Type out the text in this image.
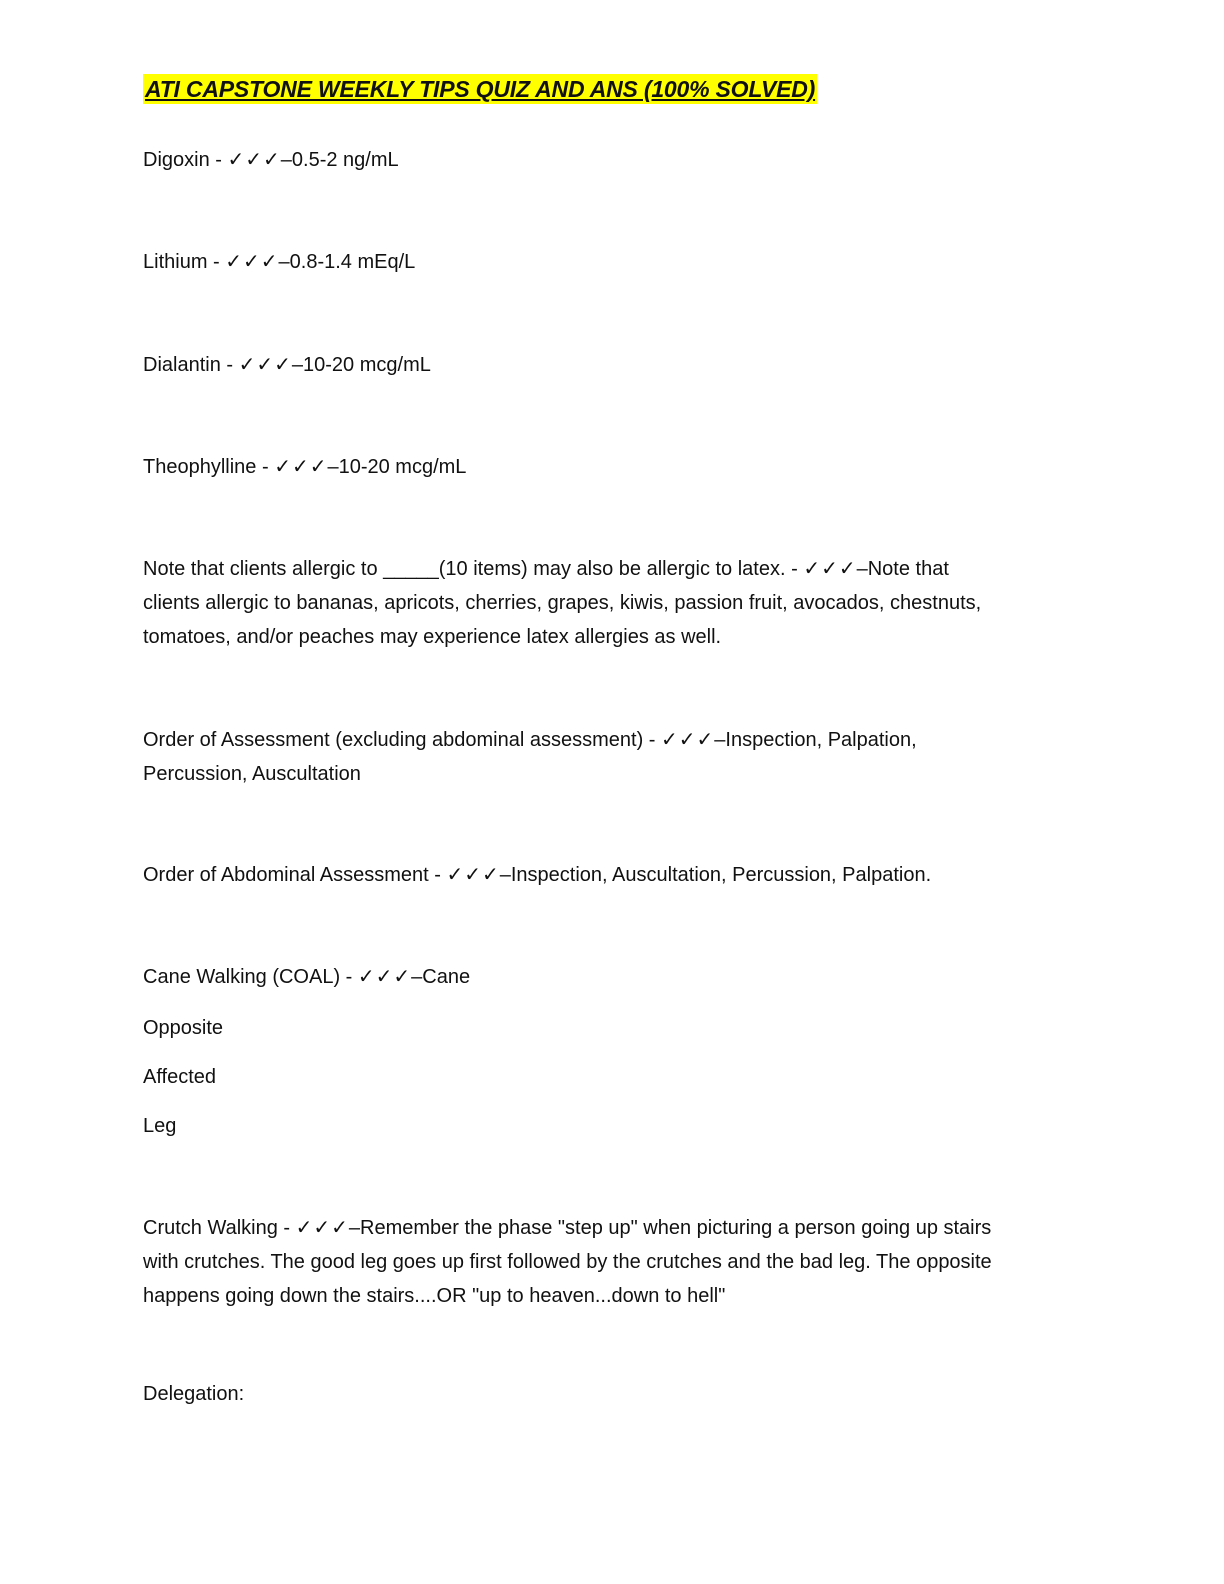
ATI CAPSTONE WEEKLY TIPS QUIZ AND ANS (100% SOLVED)
Digoxin - ✓✓✓–0.5-2 ng/mL
Lithium - ✓✓✓–0.8-1.4 mEq/L
Dialantin - ✓✓✓–10-20 mcg/mL
Theophylline - ✓✓✓–10-20 mcg/mL
Note that clients allergic to _____(10 items) may also be allergic to latex. - ✓✓✓–Note that
clients allergic to bananas, apricots, cherries, grapes, kiwis, passion fruit, avocados, chestnuts,
tomatoes, and/or peaches may experience latex allergies as well.
Order of Assessment (excluding abdominal assessment) - ✓✓✓–Inspection, Palpation,
Percussion, Auscultation
Order of Abdominal Assessment - ✓✓✓–Inspection, Auscultation, Percussion, Palpation.
Cane Walking (COAL) - ✓✓✓–Cane
Opposite
Affected
Leg
Crutch Walking - ✓✓✓–Remember the phase "step up" when picturing a person going up stairs
with crutches. The good leg goes up first followed by the crutches and the bad leg. The opposite
happens going down the stairs....OR "up to heaven...down to hell"
Delegation:
